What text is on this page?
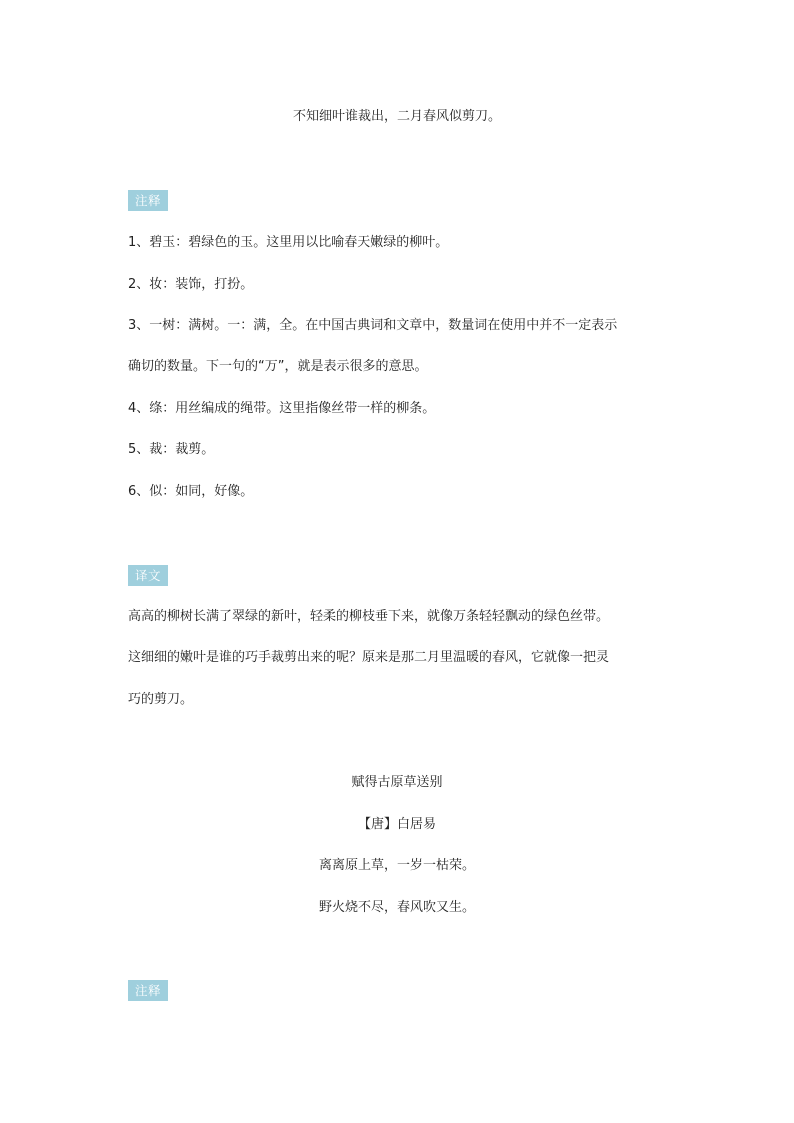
不知细叶谁裁出，二月春风似剪刀。
注释
1、碧玉：碧绿色的玉。这里用以比喻春天嫩绿的柳叶。
2、妆：装饰，打扮。
3、一树：满树。一：满，全。在中国古典词和文章中，数量词在使用中并不一定表示
确切的数量。下一句的“万”，就是表示很多的意思。
4、绦：用丝编成的绳带。这里指像丝带一样的柳条。
5、裁：裁剪。
6、似：如同，好像。
译文
高高的柳树长满了翠绿的新叶，轻柔的柳枝垂下来，就像万条轻轻飘动的绿色丝带。
这细细的嫩叶是谁的巧手裁剪出来的呢？原来是那二月里温暖的春风，它就像一把灵
巧的剪刀。
赋得古原草送别
【唐】白居易
离离原上草，一岁一枯荣。
野火烧不尽，春风吹又生。
注释
